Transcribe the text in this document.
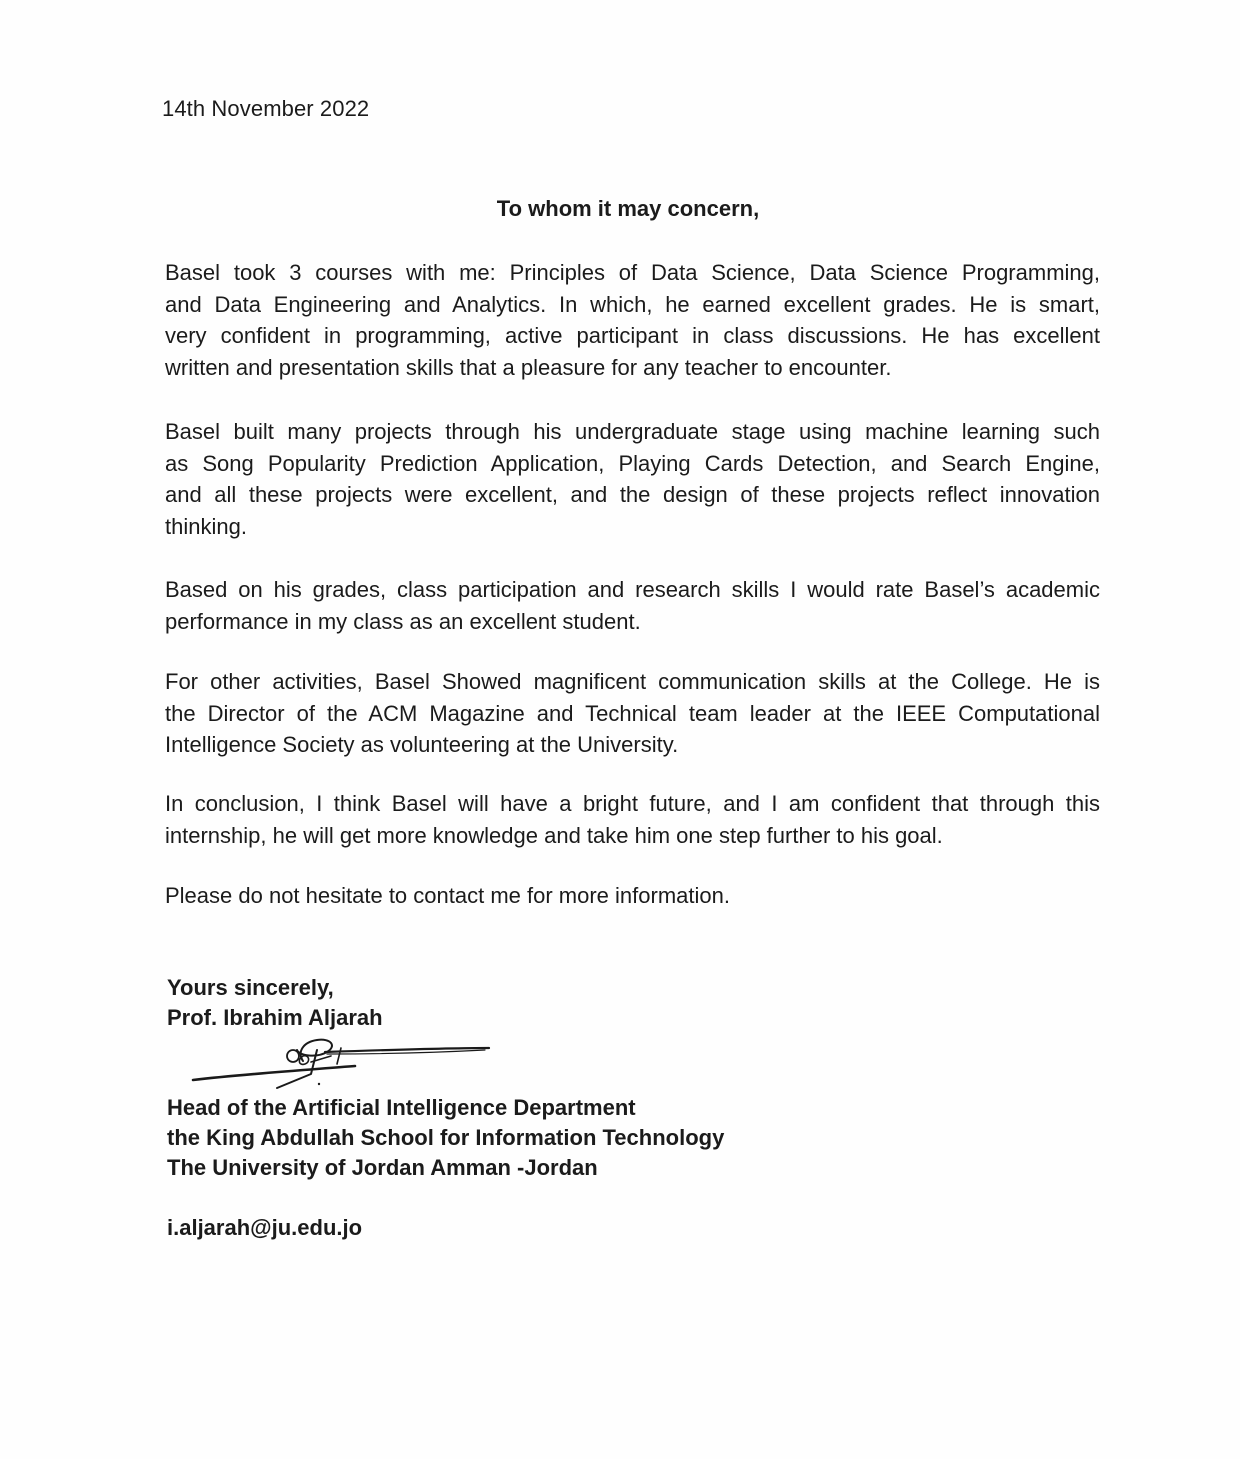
14th November 2022
To whom it may concern,
Basel took 3 courses with me: Principles of Data Science, Data Science Programming,
and Data Engineering and Analytics. In which, he earned excellent grades. He is smart,
very confident in programming, active participant in class discussions. He has excellent
written and presentation skills that a pleasure for any teacher to encounter.
Basel built many projects through his undergraduate stage using machine learning such
as Song Popularity Prediction Application, Playing Cards Detection, and Search Engine,
and all these projects were excellent, and the design of these projects reflect innovation
thinking.
Based on his grades, class participation and research skills I would rate Basel’s academic
performance in my class as an excellent student.
For other activities, Basel Showed magnificent communication skills at the College. He is
the Director of the ACM Magazine and Technical team leader at the IEEE Computational
Intelligence Society as volunteering at the University.
In conclusion, I think Basel will have a bright future, and I am confident that through this
internship, he will get more knowledge and take him one step further to his goal.
Please do not hesitate to contact me for more information.
Yours sincerely,
Prof. Ibrahim Aljarah
Head of the Artificial Intelligence Department
the King Abdullah School for Information Technology
The University of Jordan Amman -Jordan
i.aljarah@ju.edu.jo
